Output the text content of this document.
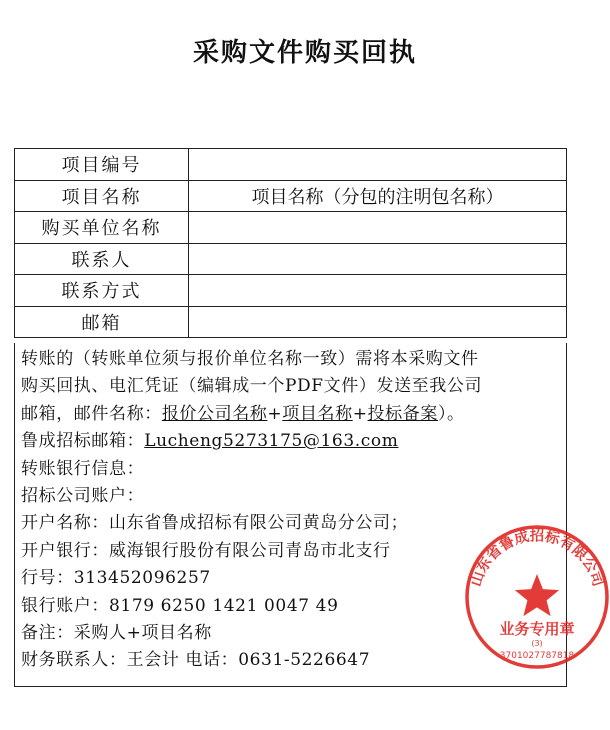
采购文件购买回执
项目编号	
项目名称	项目名称（分包的注明包名称）
购买单位名称	
联系人	
联系方式	
邮箱	
转账的（转账单位须与报价单位名称一致）需将本采购文件
购买回执、电汇凭证（编辑成一个PDF文件）发送至我公司
邮箱，邮件名称：报价公司名称+项目名称+投标备案）。
鲁成招标邮箱：Lucheng5273175@163.com
转账银行信息：
招标公司账户：
开户名称：山东省鲁成招标有限公司黄岛分公司；
开户银行：威海银行股份有限公司青岛市北支行
行号：313452096257
银行账户：8179 6250 1421 0047 49
备注：采购人+项目名称
财务联系人：王会计 电话：0631-5226647
山东省鲁成招标有限公司
业务专用章
(3)
3701027787818
